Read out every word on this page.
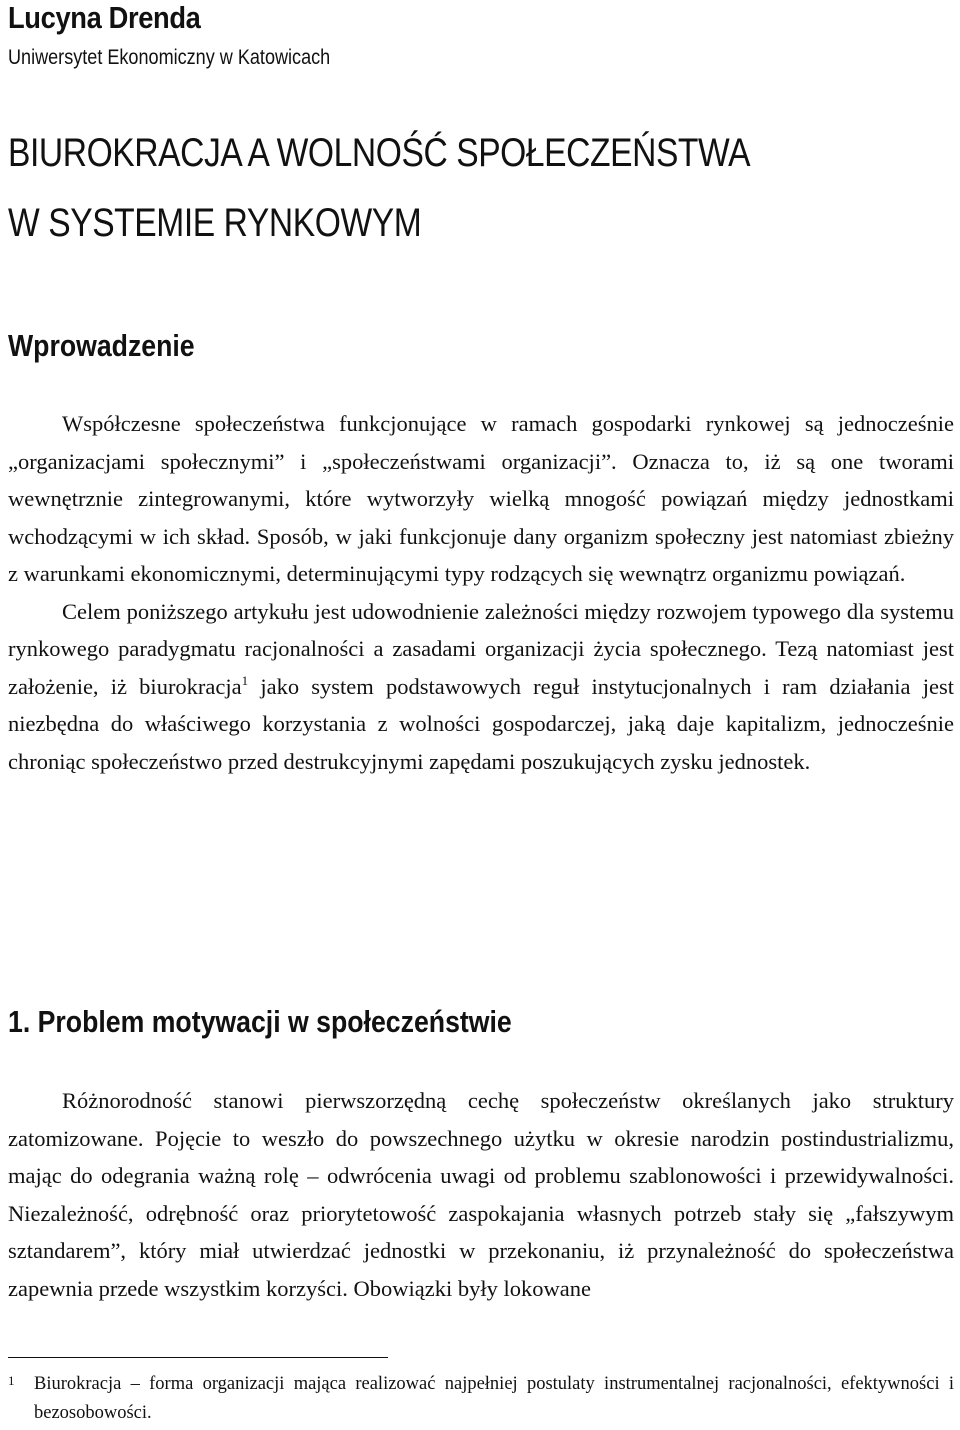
Lucyna Drenda
Uniwersytet Ekonomiczny w Katowicach
BIUROKRACJA A WOLNOŚĆ SPOŁECZEŃSTWA
W SYSTEMIE RYNKOWYM
Wprowadzenie

Współczesne społeczeństwa funkcjonujące w ramach gospodarki rynkowej są jednocześnie „organizacjami społecznymi” i „społeczeństwami organizacji”. Oznacza to, iż są one tworami wewnętrznie zintegrowanymi, które wytworzyły wielką mnogość powiązań między jednostkami wchodzącymi w ich skład. Sposób, w jaki funkcjonuje dany organizm społeczny jest natomiast zbieżny z warunkami ekonomicznymi, determinującymi typy rodzących się wewnątrz organizmu powiązań.

Celem poniższego artykułu jest udowodnienie zależności między rozwojem typowego dla systemu rynkowego paradygmatu racjonalności a zasadami organizacji życia społecznego. Tezą natomiast jest założenie, iż biurokracja$^1$ jako system podstawowych reguł instytucjonalnych i ram działania jest niezbędna do właściwego korzystania z wolności gospodarczej, jaką daje kapitalizm, jednocześnie chroniąc społeczeństwo przed destrukcyjnymi zapędami poszukujących zysku jednostek.

1. Problem motywacji w społeczeństwie

Różnorodność stanowi pierwszorzędną cechę społeczeństw określanych jako struktury zatomizowane. Pojęcie to weszło do powszechnego użytku w okresie narodzin postindustrializmu, mając do odegrania ważną rolę – odwrócenia uwagi od problemu szablonowości i przewidywalności. Niezależność, odrębność oraz priorytetowość zaspokajania własnych potrzeb stały się „fałszywym sztandarem”, który miał utwierdzać jednostki w przekonaniu, iż przynależność do społeczeństwa zapewnia przede wszystkim korzyści. Obowiązki były lokowane

1	Biurokracja – forma organizacji mająca realizować najpełniej postulaty instrumentalnej racjonalności, efektywności i bezosobowości.
